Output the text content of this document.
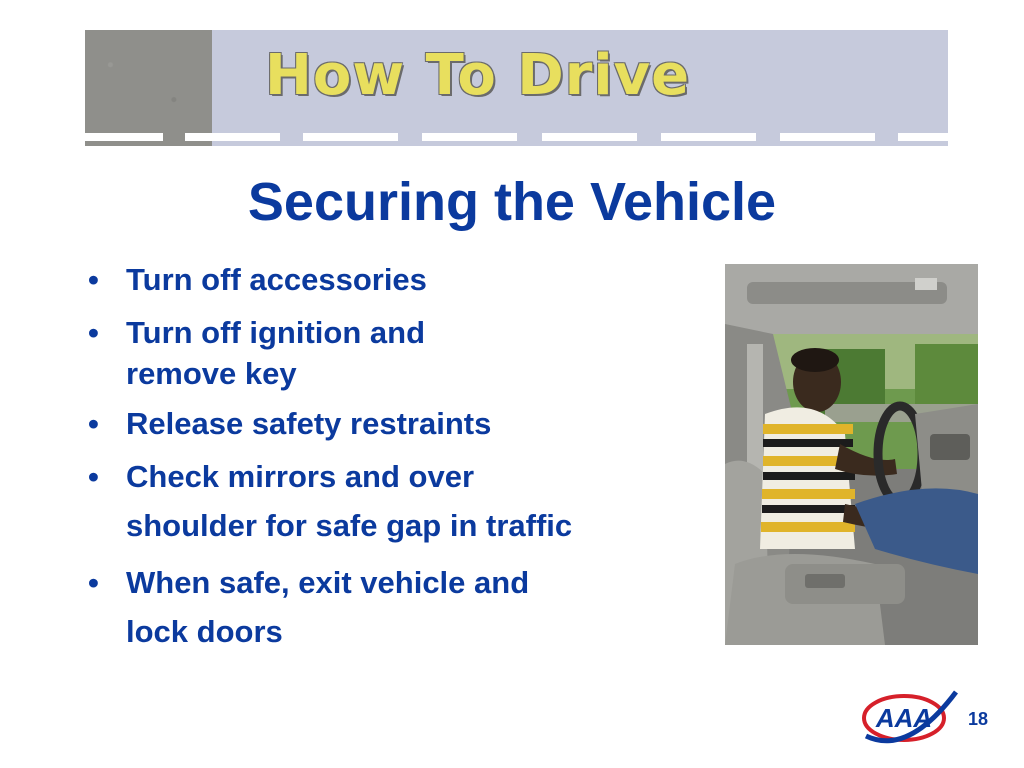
How To Drive
Securing the Vehicle
• Turn off accessories
• Turn off ignition and
remove key
• Release safety restraints
• Check mirrors and over
shoulder for safe gap in traffic
• When safe, exit vehicle and
lock doors
AAA 18
